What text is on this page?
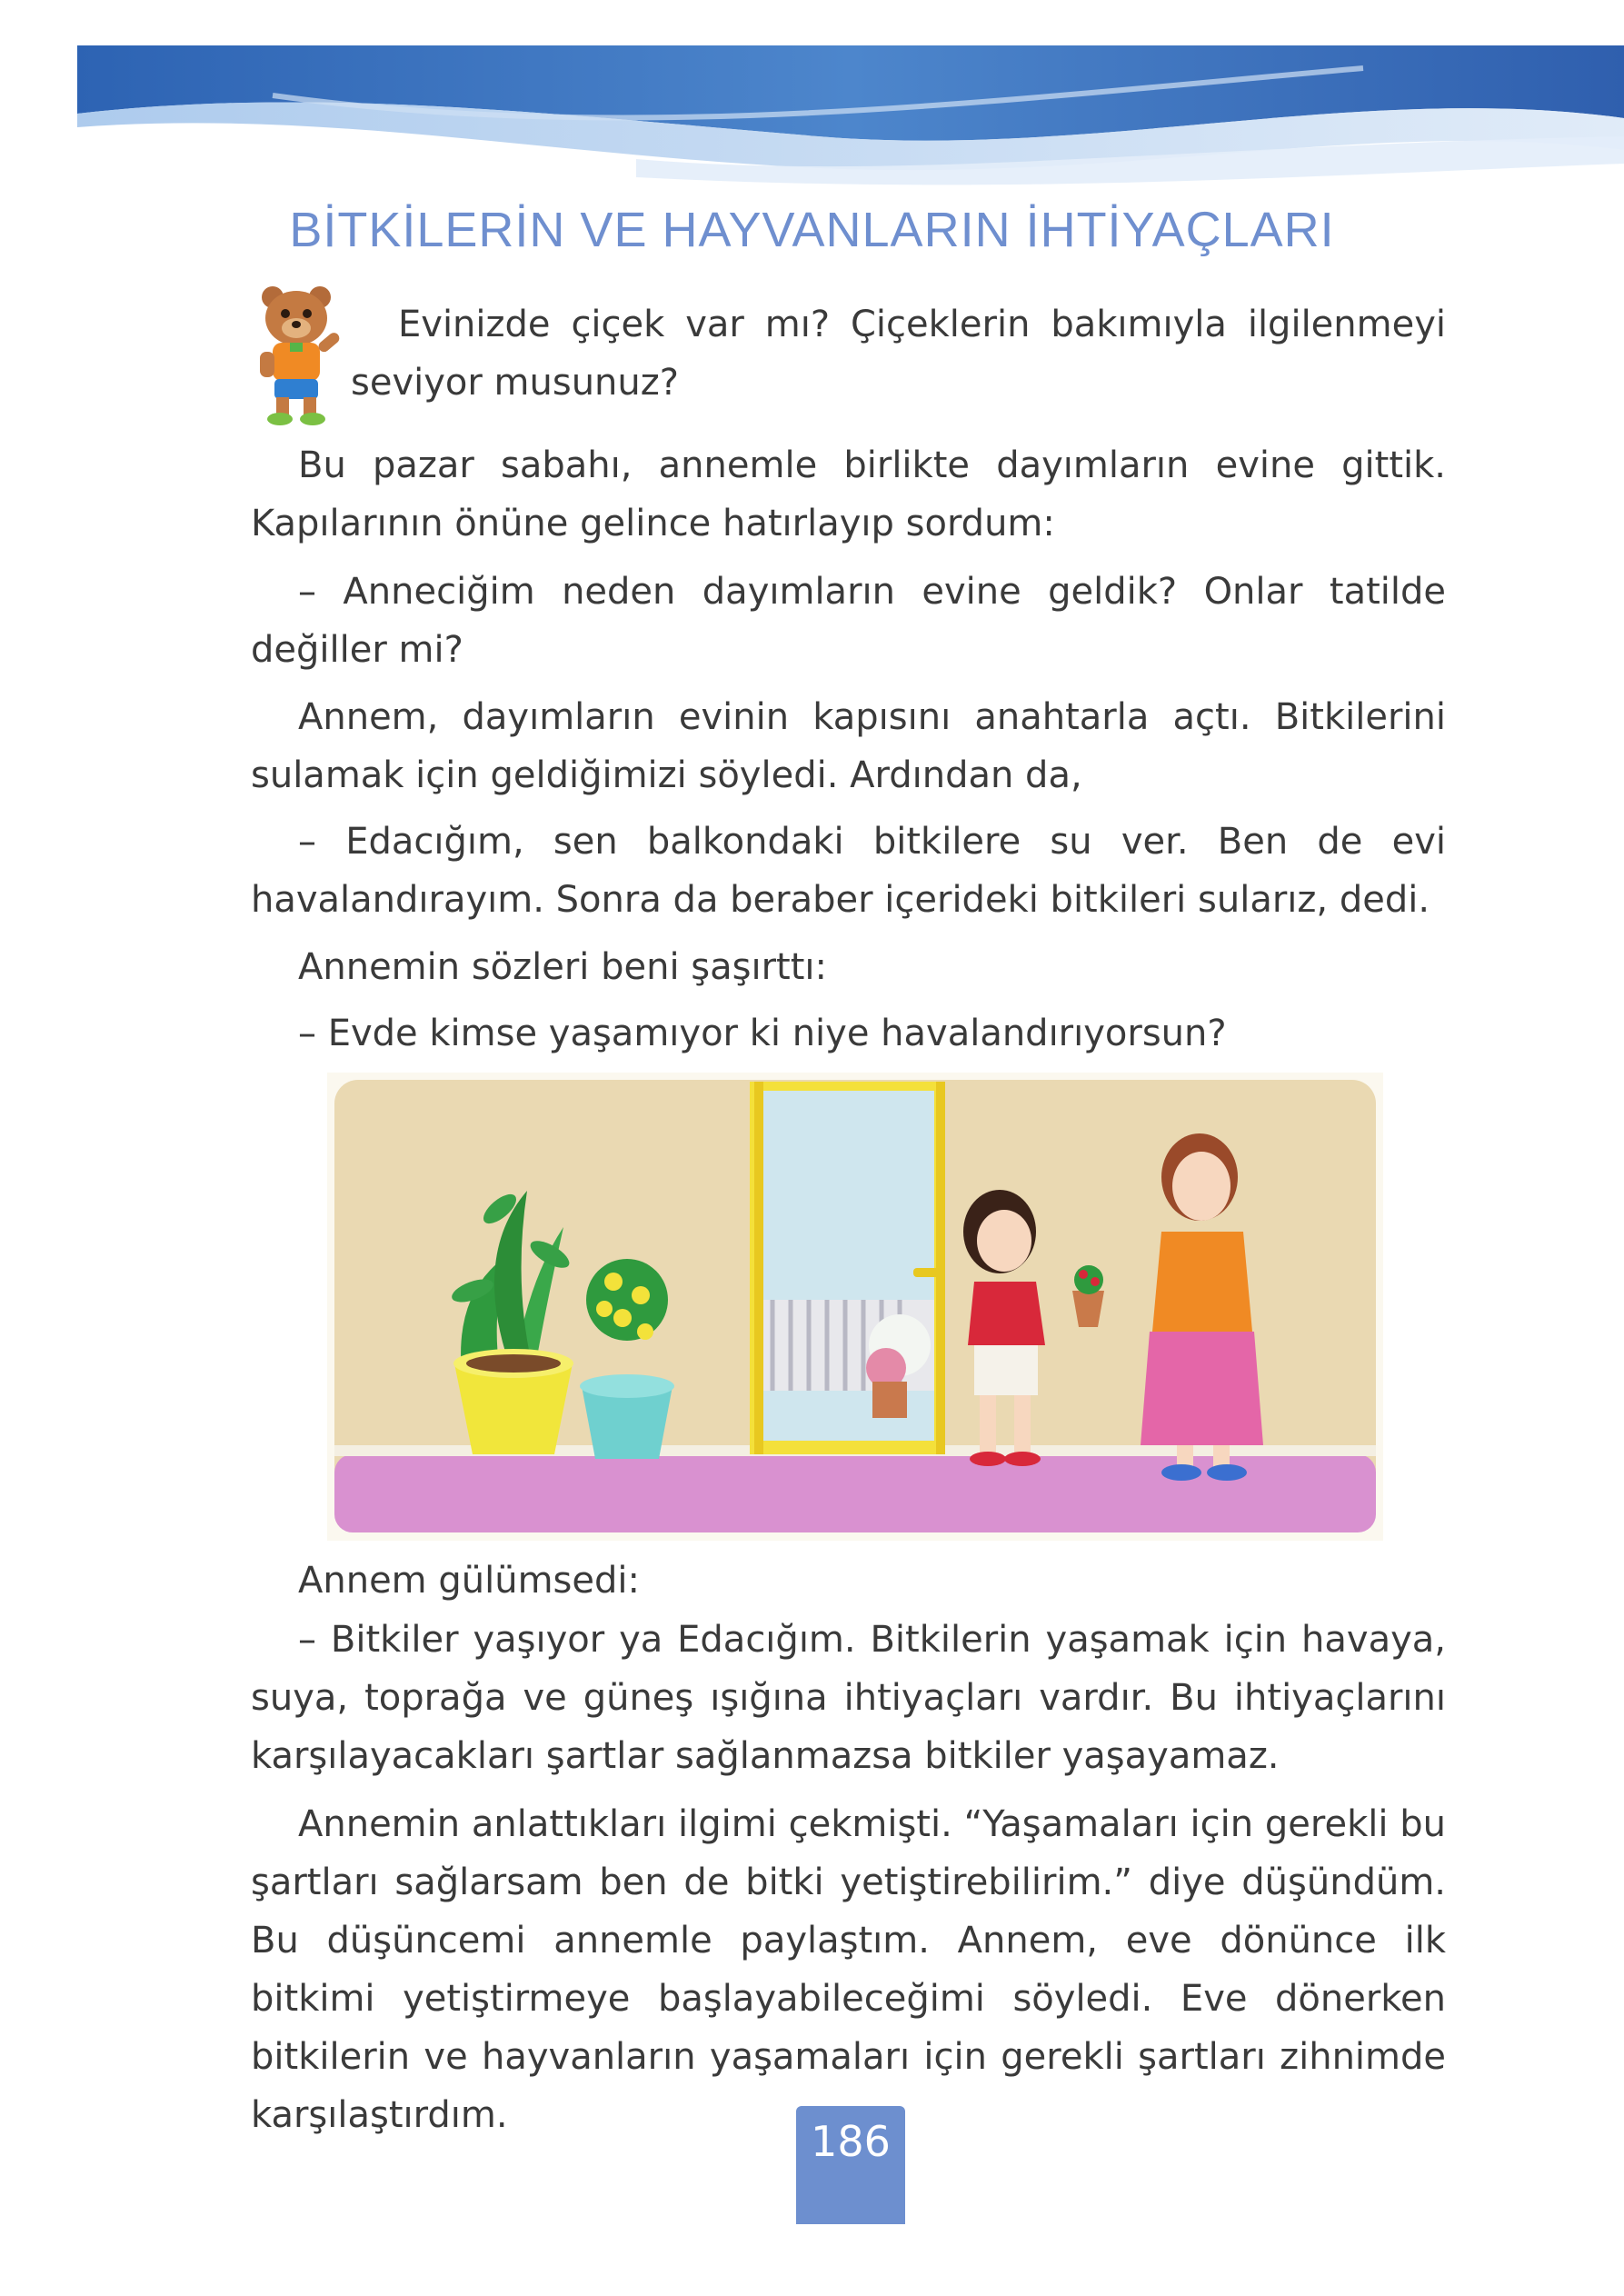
BİTKİLERİN VE HAYVANLARIN İHTİYAÇLARI

Evinizde çiçek var mı? Çiçeklerin bakımıyla ilgilenmeyi seviyor musunuz?

Bu pazar sabahı, annemle birlikte dayımların evine gittik. Kapılarının önüne gelince hatırlayıp sordum:

– Anneciğim neden dayımların evine geldik? Onlar tatilde değiller mi?

Annem, dayımların evinin kapısını anahtarla açtı. Bitkilerini sulamak için geldiğimizi söyledi. Ardından da,

– Edacığım, sen balkondaki bitkilere su ver. Ben de evi havalandırayım. Sonra da beraber içerideki bitkileri sularız, dedi.

Annemin sözleri beni şaşırttı:

– Evde kimse yaşamıyor ki niye havalandırıyorsun?

Annem gülümsedi:

– Bitkiler yaşıyor ya Edacığım. Bitkilerin yaşamak için havaya, suya, toprağa ve güneş ışığına ihtiyaçları vardır. Bu ihtiyaçlarını karşılayacakları şartlar sağlanmazsa bitkiler yaşayamaz.

Annemin anlattıkları ilgimi çekmişti. “Yaşamaları için gerekli bu şartları sağlarsam ben de bitki yetiştirebilirim.” diye düşündüm. Bu düşüncemi annemle paylaştım. Annem, eve dönünce ilk bitkimi yetiştirmeye başlayabileceğimi söyledi. Eve dönerken bitkilerin ve hayvanların yaşamaları için gerekli şartları zihnimde karşılaştırdım.

186
